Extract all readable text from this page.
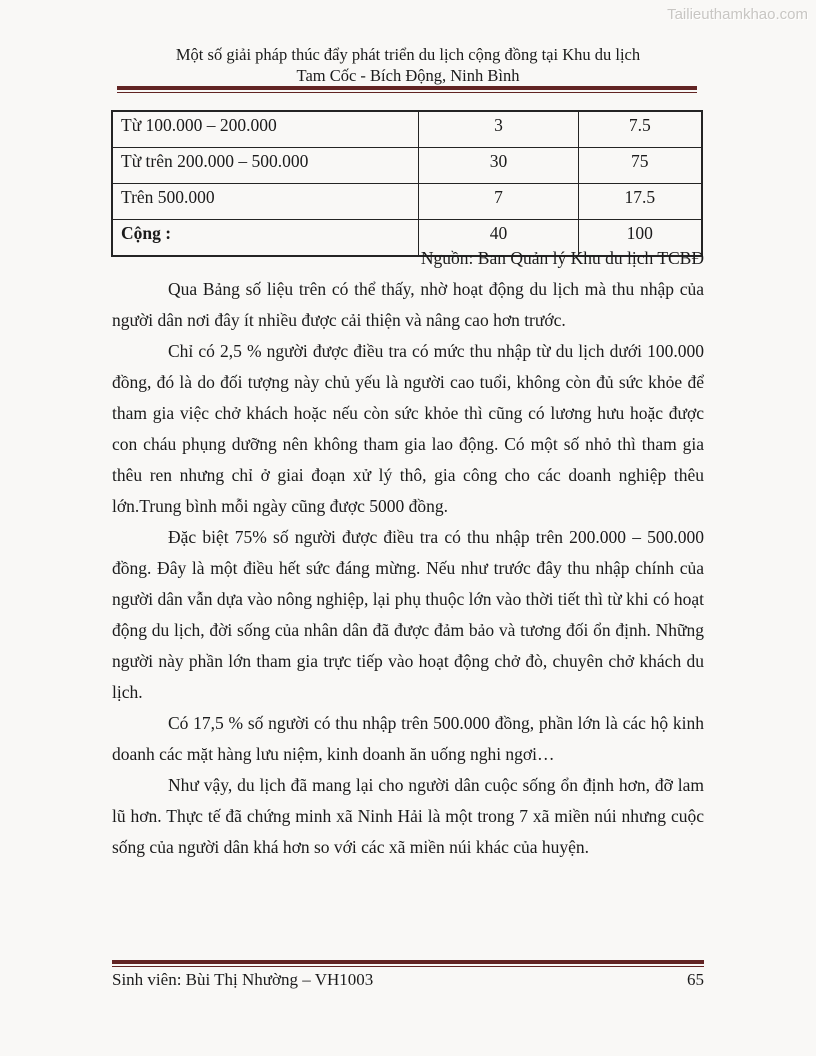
Tailieuthamkhao.com
Một số giải pháp thúc đẩy phát triển du lịch cộng đồng tại Khu du lịch
Tam Cốc - Bích Động, Ninh Bình
Từ 100.000 – 200.000	3	7.5
Từ trên 200.000 – 500.000	30	75
Trên 500.000	7	17.5
Cộng :	40	100

Nguồn: Ban Quản lý Khu du lịch TCBĐ

Qua Bảng số liệu trên có thể thấy, nhờ hoạt động du lịch mà thu nhập của người dân nơi đây ít nhiều được cải thiện và nâng cao hơn trước.

Chỉ có 2,5 % người được điều tra có mức thu nhập từ du lịch dưới 100.000 đồng, đó là do đối tượng này chủ yếu là người cao tuổi, không còn đủ sức khỏe để tham gia việc chở khách hoặc nếu còn sức khỏe thì cũng có lương hưu hoặc được con cháu phụng dưỡng nên không tham gia lao động. Có một số nhỏ thì tham gia thêu ren nhưng chỉ ở giai đoạn xử lý thô, gia công cho các doanh nghiệp thêu lớn.Trung bình mỗi ngày cũng được 5000 đồng.

Đặc biệt 75% số người được điều tra có thu nhập trên 200.000 – 500.000 đồng. Đây là một điều hết sức đáng mừng. Nếu như trước đây thu nhập chính của người dân vẫn dựa vào nông nghiệp, lại phụ thuộc lớn vào thời tiết thì từ khi có hoạt động du lịch, đời sống của nhân dân đã được đảm bảo và tương đối ổn định. Những người này phần lớn tham gia trực tiếp vào hoạt động chở đò, chuyên chở khách du lịch.

Có 17,5 % số người có thu nhập trên 500.000 đồng, phần lớn là các hộ kinh doanh các mặt hàng lưu niệm, kinh doanh ăn uống nghi ngơi…

Như vậy, du lịch đã mang lại cho người dân cuộc sống ổn định hơn, đỡ lam lũ hơn. Thực tế đã chứng minh xã Ninh Hải là một trong 7 xã miền núi nhưng cuộc sống của người dân khá hơn so với các xã miền núi khác của huyện.

Sinh viên: Bùi Thị Nhường – VH1003	65
